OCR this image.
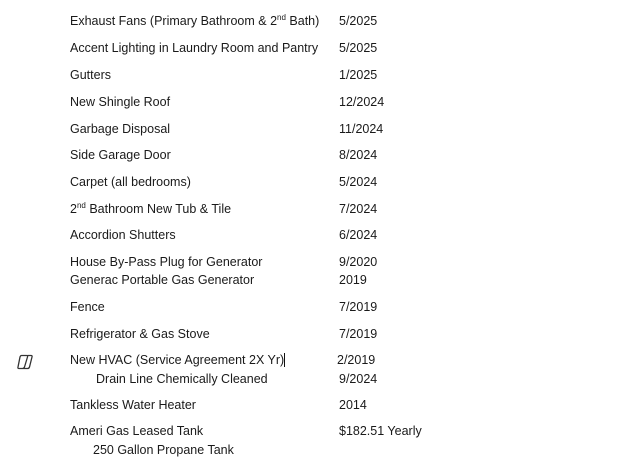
Exhaust Fans (Primary Bathroom & 2nd Bath) 5/2025
Accent Lighting in Laundry Room and Pantry 5/2025
Gutters	1/2025
New Shingle Roof	12/2024
Garbage Disposal	11/2024
Side Garage Door	8/2024
Carpet (all bedrooms)	5/2024
2nd Bathroom New Tub & Tile	7/2024
Accordion Shutters	6/2024
House By-Pass Plug for Generator	9/2020
Generac Portable Gas Generator	2019
Fence	7/2019
Refrigerator & Gas Stove	7/2019
New HVAC (Service Agreement 2X Yr)	2/2019
Drain Line Chemically Cleaned	9/2024
Tankless Water Heater	2014
Ameri Gas Leased Tank	$182.51 Yearly
250 Gallon Propane Tank
